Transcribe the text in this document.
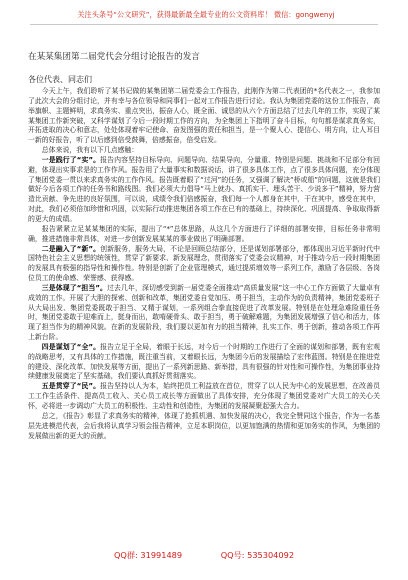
关注头条号“公文研究”，获得最新最全最专业的公文资料库！ 微信：gongwenyj
在某某集团第二届党代会分组讨论报告的发言
各位代表、同志们

今天上午，我们聆听了某书记做的某集团第二届党委会工作报告，此刚作为第二代表团的*名代表之一，我参加了此次大会的分组讨论，并有幸与各位领导和同事们一起对工作报告进行讨论。我认为集团党委的这份工作报告，高举旗帜、主题鲜明，求真务实、重点突出，振奋人心，既全面、诚恳的从六个方面总结了过去几年的工作，实现了某某集团工作新突破，又科学谋划了今后一段时期工作的方向，为全集团上下指明了奋斗目标，句句都是谋求真务实，开拓进取的决心和意志，处处体现着牢记使命、奋发图强的责任和担当，是一个聚人心、提信心、明方向，让人耳目一新的好报告，听了以后感到倍受鼓舞，倍感振奋，倍受启发。

总体来说，我有以下几点感触：

一是践行了“实”。报告内容坚持目标导向、问题导向、结果导向，分量重、特别是问题、挑战和不足部分有回避，体现出实事求是的工作作风。报告用了大量事实和数据说话，讲了很多具体工作，点了很多具体问题，充分体现了集团党委一贯以来求真务实的工作作风。报告既着眼了“过河”的任务，又强调了解决“桥或船”的问题，这就是我们做好今后各项工作的任务书和路线图。我们必须大力倡导“马上就办、真抓实干、埋头苦干、少说多干”精神，努力营造比贡献、争先进的良好氛围，可以说，成绩令我们倍感振奋，我们每一个人都身在其中，干在其中，感受在其中，对此，我们必须倍加珍惜和巩固，以实际行动推进集团各项工作在已有的基础上，持续深化、巩固提高、争取取得新的更大的成绩。

报告紧紧立足某某集团的实际，提出了“*”总体思路，从这几个方面进行了详细的部署安排，目标任务非常明确，推进措施非常具体，对进一步创新发展某某的事业做出了明确部署。

二是融入了“新”。创新服务，服务大局，不论是回顾总结部分，还是谋划部署部分，都体现出习近平新时代中国特色社会主义思想的统领性，贯穿了新要求、新发展理念，贯彻落实了党委会议精神，对于推动今后一段时期集团的发展具有极强的指导性和操作性。特别是创新了企业管理模式，通过提质增效等一系列工作，激励了各层级、各岗位员工的使命感、荣誉感、获得感。

三是体现了“担当”。过去几年，深切感受到新一届党委全面推动“高质量发展”这一中心工作方面做了大量卓有成效的工作。开展了大胆的探索、创新和改革，集团党委自觉加压、勇于担当，主动作为的负责精神，集团党委班子从大局出发、集团党委既敢于担当、又精于谋划，一系列组合拳直接促进了改革发展。特别是在处理急难险重任务时，集团党委敢于迎难而上，挺身而出，敢啃硬骨头、敢于担当，勇于破解难题，为集团发展增强了信心和活力，体现了担当作为的精神风貌。在新的发展阶段，我们要以更加有力的担当精神，扎实工作、勇于创新，推动各项工作再上新台阶。

四是谋划了“全”。报告立足于全局，着眼于长远，对今后一个时期的工作进行了全面的谋划和部署，既有宏观的战略思考，又有具体的工作措施，既注重当前，又着眼长远，为集团今后的发展描绘了宏伟蓝图。特别是在推进党的建设、深化改革、加快发展等方面，提出了一系列新思路、新举措，具有很强的针对性和可操作性，为集团事业持续健康发展奠定了坚实基础，我们要认真抓好贯彻落实。

五是贯穿了“民”。报告坚持以人为本，始终把员工利益放在首位，贯穿了以人民为中心的发展思想，在改善员工工作生活条件、提高员工收入、关心员工成长等方面做出了具体安排，充分体现了集团党委对广大员工的关心关怀，必将进一步调动广大员工的积极性、主动性和创造性，为集团的发展凝聚起强大合力。

总之，《报告》彰显了求真务实的精神，体现了抢抓机遇、加快发展的决心，我完全赞同这个报告，作为一名基层先进模范代表，会后我将认真学习领会报告精神，立足本职岗位，以更加饱满的热情和更加务实的作风，为集团的发展做出新的更大的贡献。

QQ群: 31991489	QQ号: 535304092
